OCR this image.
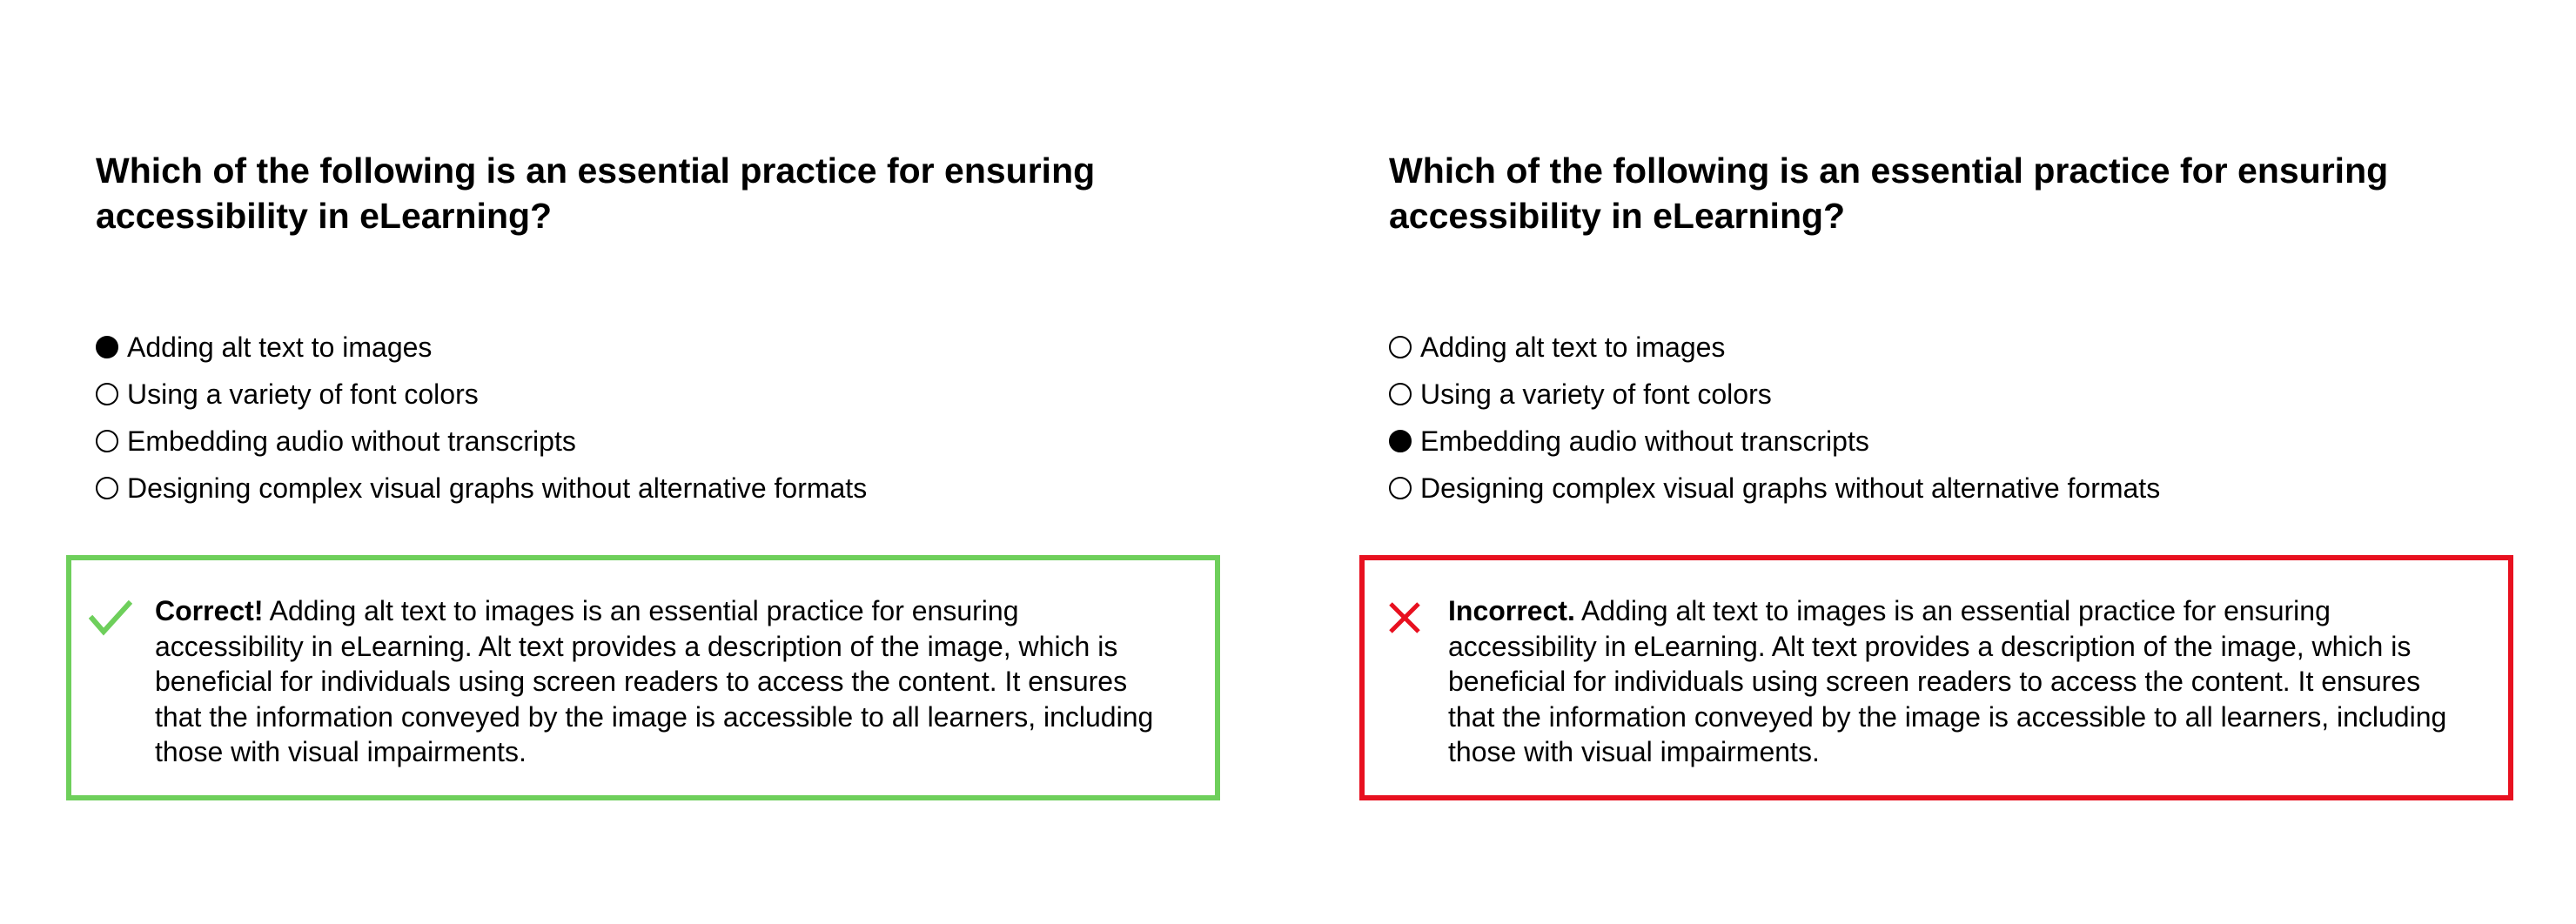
Which of the following is an essential practice for ensuring accessibility in eLearning?
Adding alt text to images
Using a variety of font colors
Embedding audio without transcripts
Designing complex visual graphs without alternative formats

Correct! Adding alt text to images is an essential practice for ensuring accessibility in eLearning. Alt text provides a description of the image, which is beneficial for individuals using screen readers to access the content. It ensures that the information conveyed by the image is accessible to all learners, including those with visual impairments.

Which of the following is an essential practice for ensuring accessibility in eLearning?
Adding alt text to images
Using a variety of font colors
Embedding audio without transcripts
Designing complex visual graphs without alternative formats

Incorrect. Adding alt text to images is an essential practice for ensuring accessibility in eLearning. Alt text provides a description of the image, which is beneficial for individuals using screen readers to access the content. It ensures that the information conveyed by the image is accessible to all learners, including those with visual impairments.
